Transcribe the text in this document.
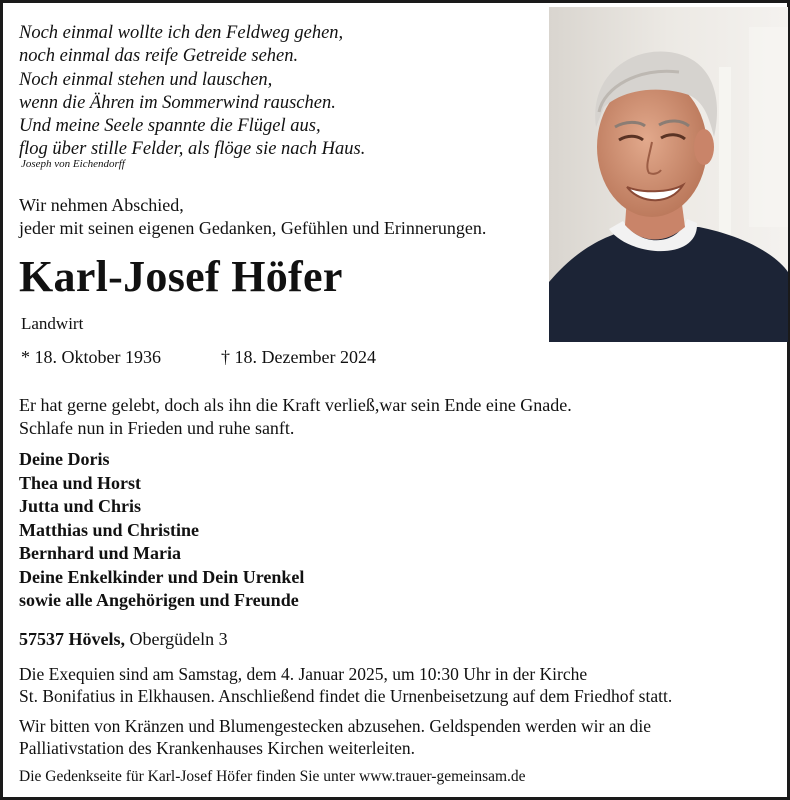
Noch einmal wollte ich den Feldweg gehen,
noch einmal das reife Getreide sehen.
Noch einmal stehen und lauschen,
wenn die Ähren im Sommerwind rauschen.
Und meine Seele spannte die Flügel aus,
flog über stille Felder, als flöge sie nach Haus.
Joseph von Eichendorff
Wir nehmen Abschied,
jeder mit seinen eigenen Gedanken, Gefühlen und Erinnerungen.
Karl-Josef Höfer
Landwirt
* 18. Oktober 1936	† 18. Dezember 2024
Er hat gerne gelebt, doch als ihn die Kraft verließ,war sein Ende eine Gnade.
Schlafe nun in Frieden und ruhe sanft.
Deine Doris
Thea und Horst
Jutta und Chris
Matthias und Christine
Bernhard und Maria
Deine Enkelkinder und Dein Urenkel
sowie alle Angehörigen und Freunde
57537 Hövels, Obergüdeln 3
Die Exequien sind am Samstag, dem 4. Januar 2025, um 10:30 Uhr in der Kirche
St. Bonifatius in Elkhausen. Anschließend findet die Urnenbeisetzung auf dem Friedhof statt.
Wir bitten von Kränzen und Blumengestecken abzusehen. Geldspenden werden wir an die
Palliativstation des Krankenhauses Kirchen weiterleiten.
Die Gedenkseite für Karl-Josef Höfer finden Sie unter www.trauer-gemeinsam.de
